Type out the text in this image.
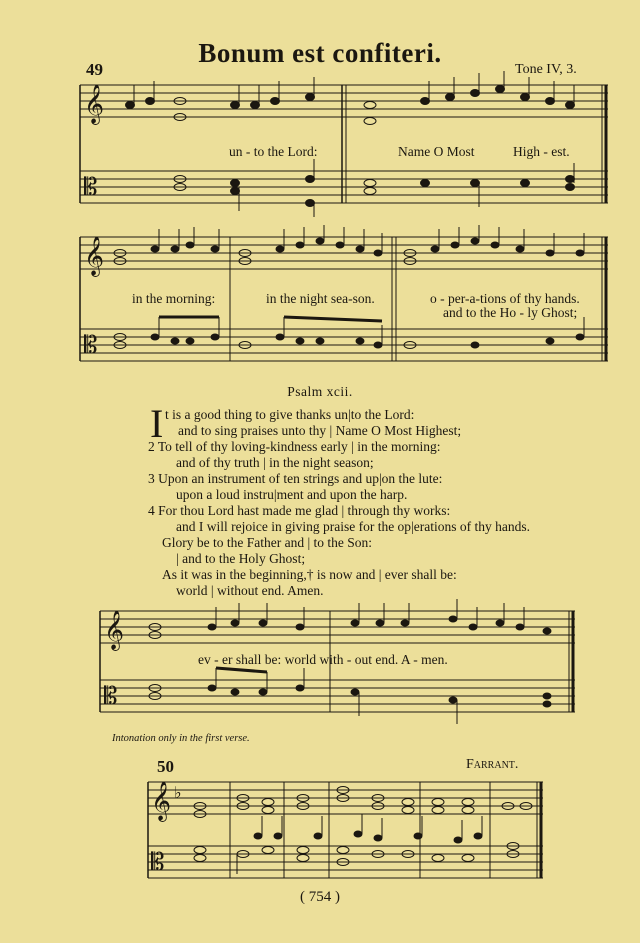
Bonum est confiteri.
49	Tone IV, 3.
𝄞
𝄡
un - to the Lord:	Name O Most	High - est.
𝄞
𝄡
in the morning:	in the night sea-son.	o - per-a-tions of thy hands.
and to the Ho - ly Ghost;
Psalm xcii.
I t is a good thing to give thanks un|to the Lord:
and to sing praises unto thy | Name O Most Highest;
2 To tell of thy loving-kindness early | in the morning:
and of thy truth | in the night season;
3 Upon an instrument of ten strings and up|on the lute:
upon a loud instru|ment and upon the harp.
4 For thou Lord hast made me glad | through thy works:
and I will rejoice in giving praise for the op|erations of thy hands.
Glory be to the Father and | to the Son:
| and to the Holy Ghost;
As it was in the beginning,† is now and | ever shall be:
world | without end. Amen.
𝄞
𝄡
ev - er shall be: world with - out end. A - men.
Intonation only in the first verse.
50	Farrant.
𝄞 ♭
𝄡
( 754 )
